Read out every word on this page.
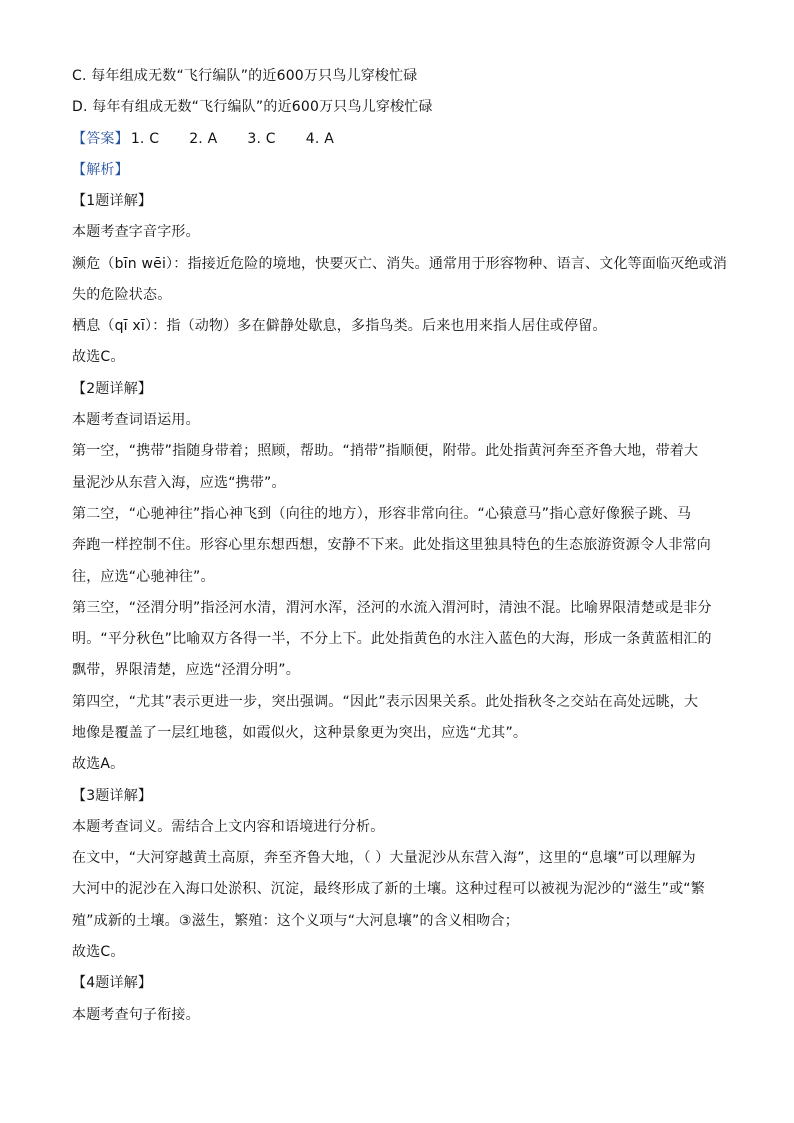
C. 每年组成无数“飞行编队”的近600万只鸟儿穿梭忙碌
D. 每年有组成无数“飞行编队”的近600万只鸟儿穿梭忙碌
【答案】 1. C 2. A 3. C 4. A
【解析】
【1题详解】
本题考查字音字形。
濒危（bīn wēi）：指接近危险的境地，快要灭亡、消失。通常用于形容物种、语言、文化等面临灭绝或消
失的危险状态。
栖息（qī xī）：指（动物）多在僻静处歇息，多指鸟类。后来也用来指人居住或停留。
故选C。
【2题详解】
本题考查词语运用。
第一空，“携带”指随身带着；照顾，帮助。“捎带”指顺便，附带。此处指黄河奔至齐鲁大地，带着大
量泥沙从东营入海，应选“携带”。
第二空，“心驰神往”指心神飞到（向往的地方），形容非常向往。“心猿意马”指心意好像猴子跳、马
奔跑一样控制不住。形容心里东想西想，安静不下来。此处指这里独具特色的生态旅游资源令人非常向
往，应选“心驰神往”。
第三空，“泾渭分明”指泾河水清，渭河水浑，泾河的水流入渭河时，清浊不混。比喻界限清楚或是非分
明。“平分秋色”比喻双方各得一半，不分上下。此处指黄色的水注入蓝色的大海，形成一条黄蓝相汇的
飘带，界限清楚，应选“泾渭分明”。
第四空，“尤其”表示更进一步，突出强调。“因此”表示因果关系。此处指秋冬之交站在高处远眺，大
地像是覆盖了一层红地毯，如霞似火，这种景象更为突出，应选“尤其”。
故选A。
【3题详解】
本题考查词义。需结合上文内容和语境进行分析。
在文中，“大河穿越黄土高原，奔至齐鲁大地，（ ）大量泥沙从东营入海”，这里的“息壤”可以理解为
大河中的泥沙在入海口处淤积、沉淀，最终形成了新的土壤。这种过程可以被视为泥沙的“滋生”或“繁
殖”成新的土壤。③滋生，繁殖：这个义项与“大河息壤”的含义相吻合；
故选C。
【4题详解】
本题考查句子衔接。
